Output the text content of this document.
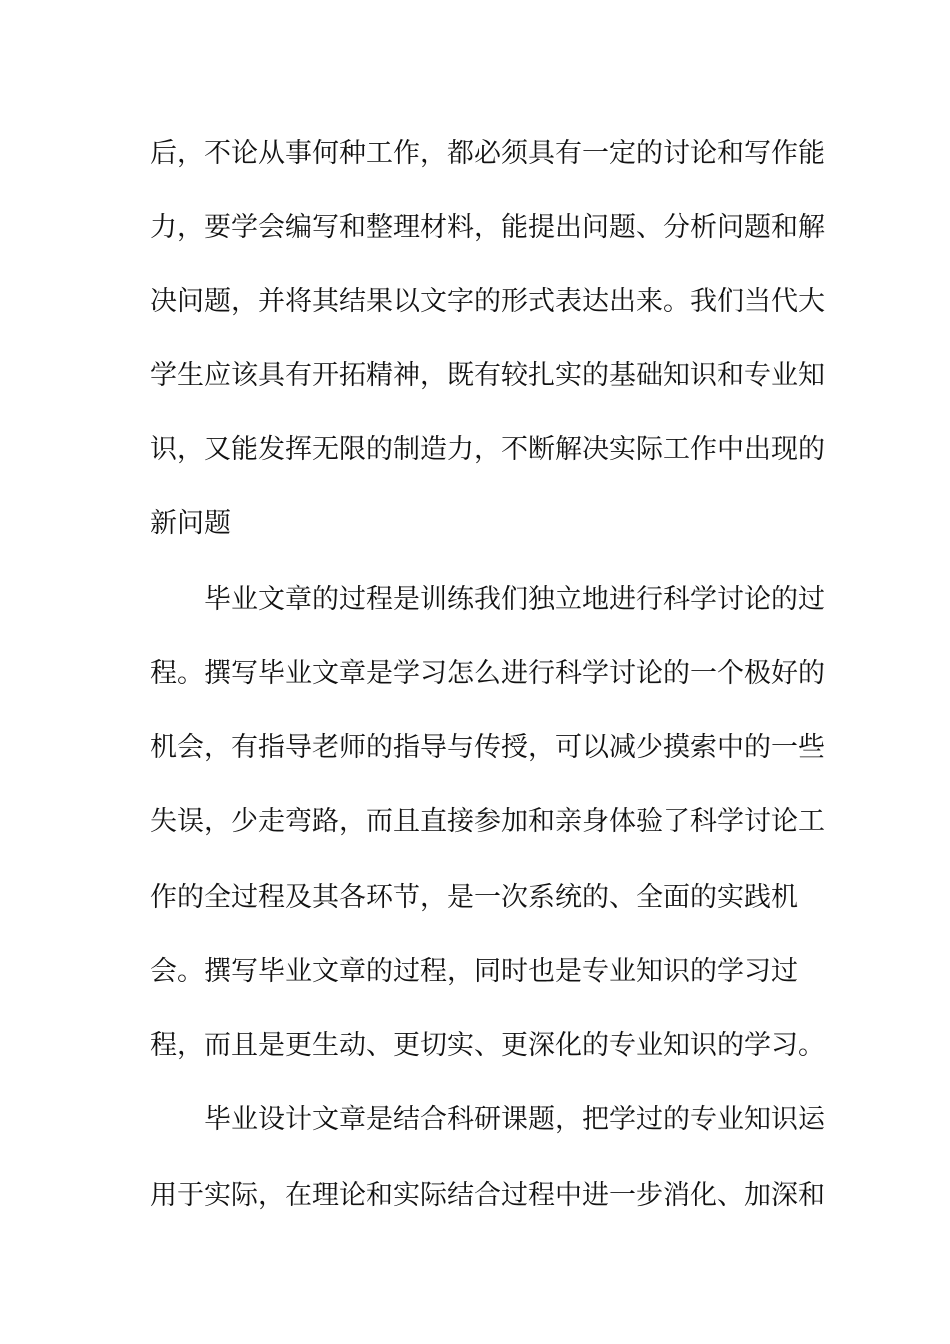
后，不论从事何种工作，都必须具有一定的讨论和写作能
力，要学会编写和整理材料，能提出问题、分析问题和解
决问题，并将其结果以文字的形式表达出来。我们当代大
学生应该具有开拓精神，既有较扎实的基础知识和专业知
识，又能发挥无限的制造力，不断解决实际工作中出现的
新问题
毕业文章的过程是训练我们独立地进行科学讨论的过
程。撰写毕业文章是学习怎么进行科学讨论的一个极好的
机会，有指导老师的指导与传授，可以减少摸索中的一些
失误，少走弯路，而且直接参加和亲身体验了科学讨论工
作的全过程及其各环节，是一次系统的、全面的实践机
会。撰写毕业文章的过程，同时也是专业知识的学习过
程，而且是更生动、更切实、更深化的专业知识的学习。
毕业设计文章是结合科研课题，把学过的专业知识运
用于实际，在理论和实际结合过程中进一步消化、加深和
